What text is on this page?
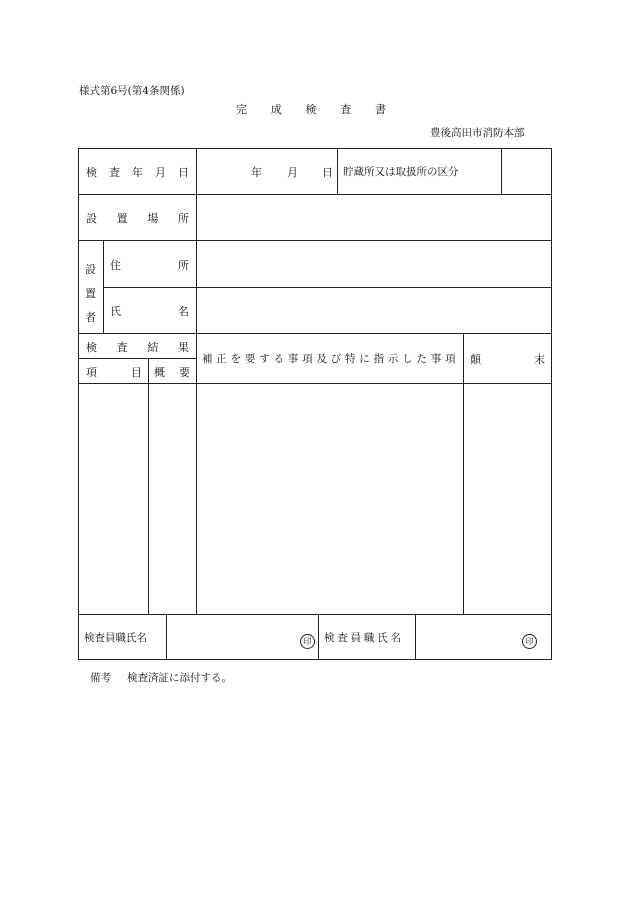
様式第6号(第4条関係)
完 成 検 査 書
豊後高田市消防本部
検 査 年 月 日	年 月 日 貯蔵所又は取扱所の区分
設 置 場 所
設
置
者
住	所
氏	名
検 査 結 果
項	目 概 要
補正を要する事項及び特に指示した事項 顛	末
検査員職氏名	印	検査員職氏名	印
備考 検査済証に添付する。
